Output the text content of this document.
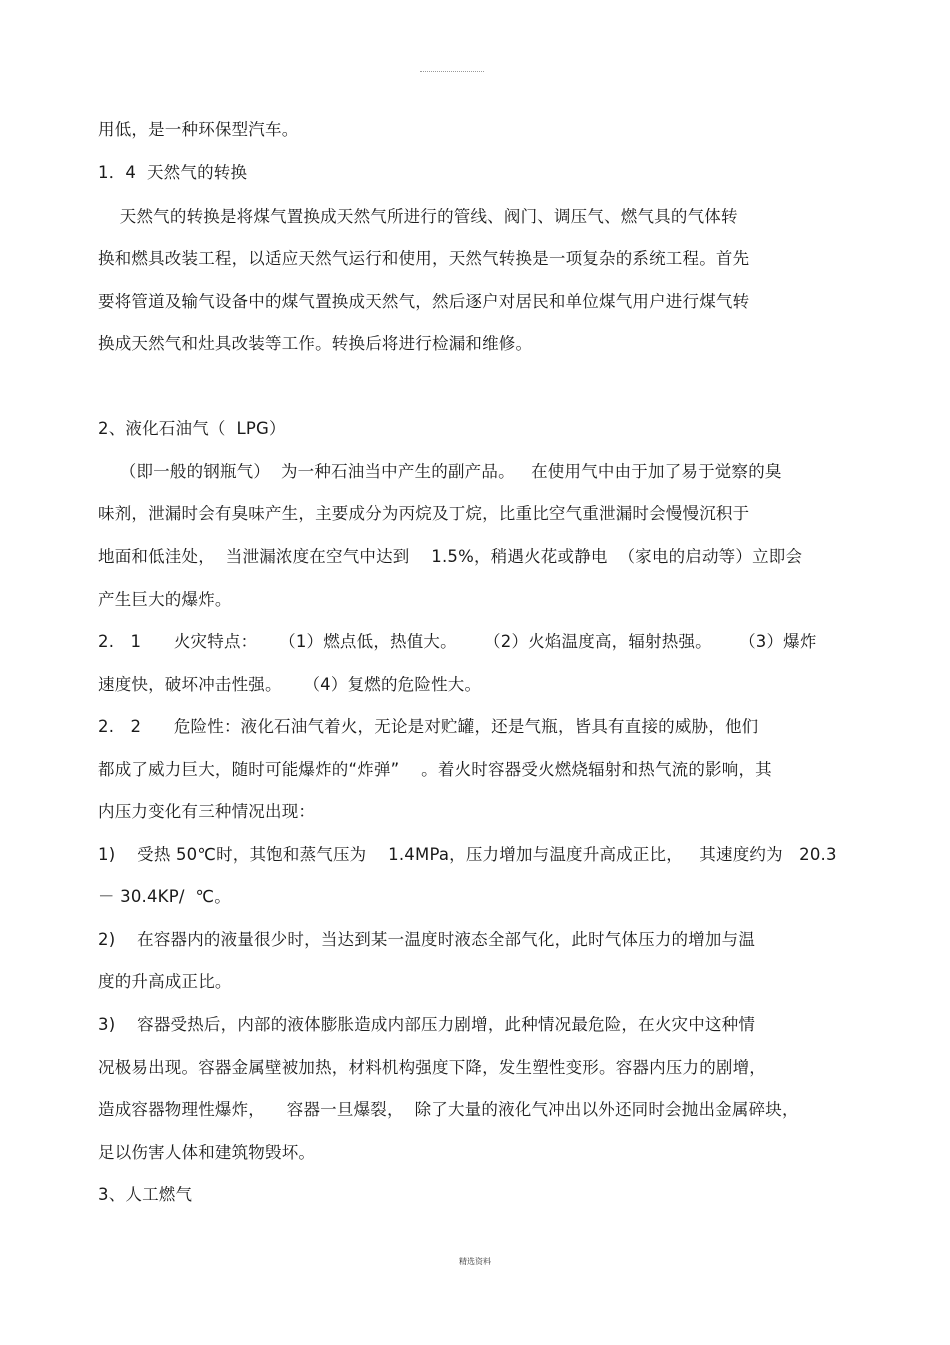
用低，是一种环保型汽车。
1．4  天然气的转换
天然气的转换是将煤气置换成天然气所进行的管线、阀门、调压气、燃气具的气体转
换和燃具改装工程，以适应天然气运行和使用，天然气转换是一项复杂的系统工程。首先
要将管道及输气设备中的煤气置换成天然气，然后逐户对居民和单位煤气用户进行煤气转
换成天然气和灶具改装等工作。转换后将进行检漏和维修。
2、液化石油气（  LPG）
（即一般的钢瓶气）  为一种石油当中产生的副产品。   在使用气中由于加了易于觉察的臭
味剂，泄漏时会有臭味产生，主要成分为丙烷及丁烷，比重比空气重泄漏时会慢慢沉积于
地面和低洼处，  当泄漏浓度在空气中达到    1.5%，稍遇火花或静电  （家电的启动等）立即会
产生巨大的爆炸。
2.   1      火灾特点：    （1）燃点低，热值大。     （2）火焰温度高，辐射热强。     （3）爆炸
速度快，破坏冲击性强。    （4）复燃的危险性大。
2.   2      危险性：液化石油气着火，无论是对贮罐，还是气瓶，皆具有直接的威胁，他们
都成了威力巨大，随时可能爆炸的“炸弹”    。着火时容器受火燃烧辐射和热气流的影响，其
内压力变化有三种情况出现：
1)    受热 50℃时，其饱和蒸气压为    1.4MPa，压力增加与温度升高成正比，   其速度约为   20.3
－ 30.4KP/  ℃。
2)    在容器内的液量很少时，当达到某一温度时液态全部气化，此时气体压力的增加与温
度的升高成正比。
3)    容器受热后，内部的液体膨胀造成内部压力剧增，此种情况最危险，在火灾中这种情
况极易出现。容器金属壁被加热，材料机构强度下降，发生塑性变形。容器内压力的剧增，
造成容器物理性爆炸，    容器一旦爆裂，  除了大量的液化气冲出以外还同时会抛出金属碎块，
足以伤害人体和建筑物毁坏。
3、人工燃气
精选资料
